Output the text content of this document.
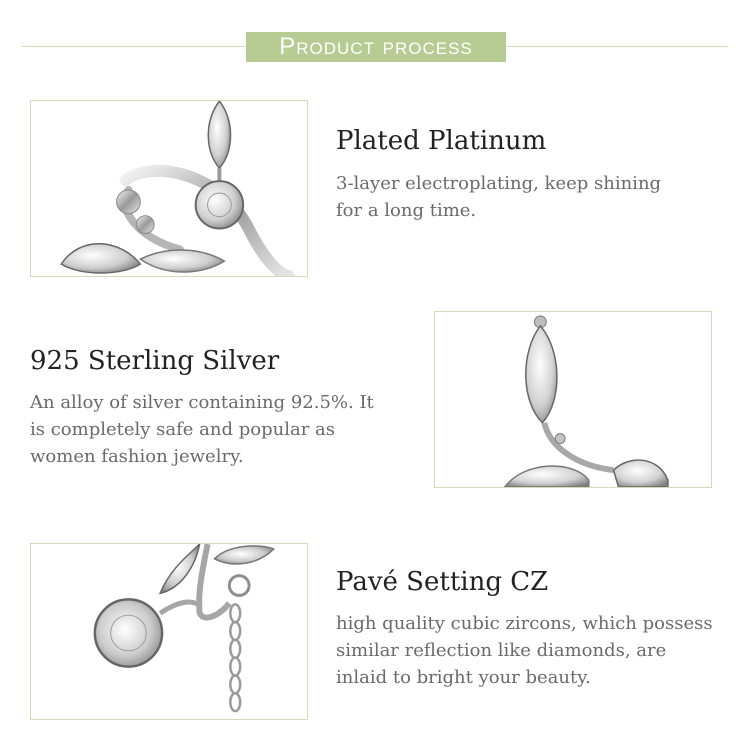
Product process
Plated Platinum
3-layer electroplating, keep shining
for a long time.
925 Sterling Silver
An alloy of silver containing 92.5%. It
is completely safe and popular as
women fashion jewelry.
Pavé Setting CZ
high quality cubic zircons, which possess
similar reflection like diamonds, are
inlaid to bright your beauty.
